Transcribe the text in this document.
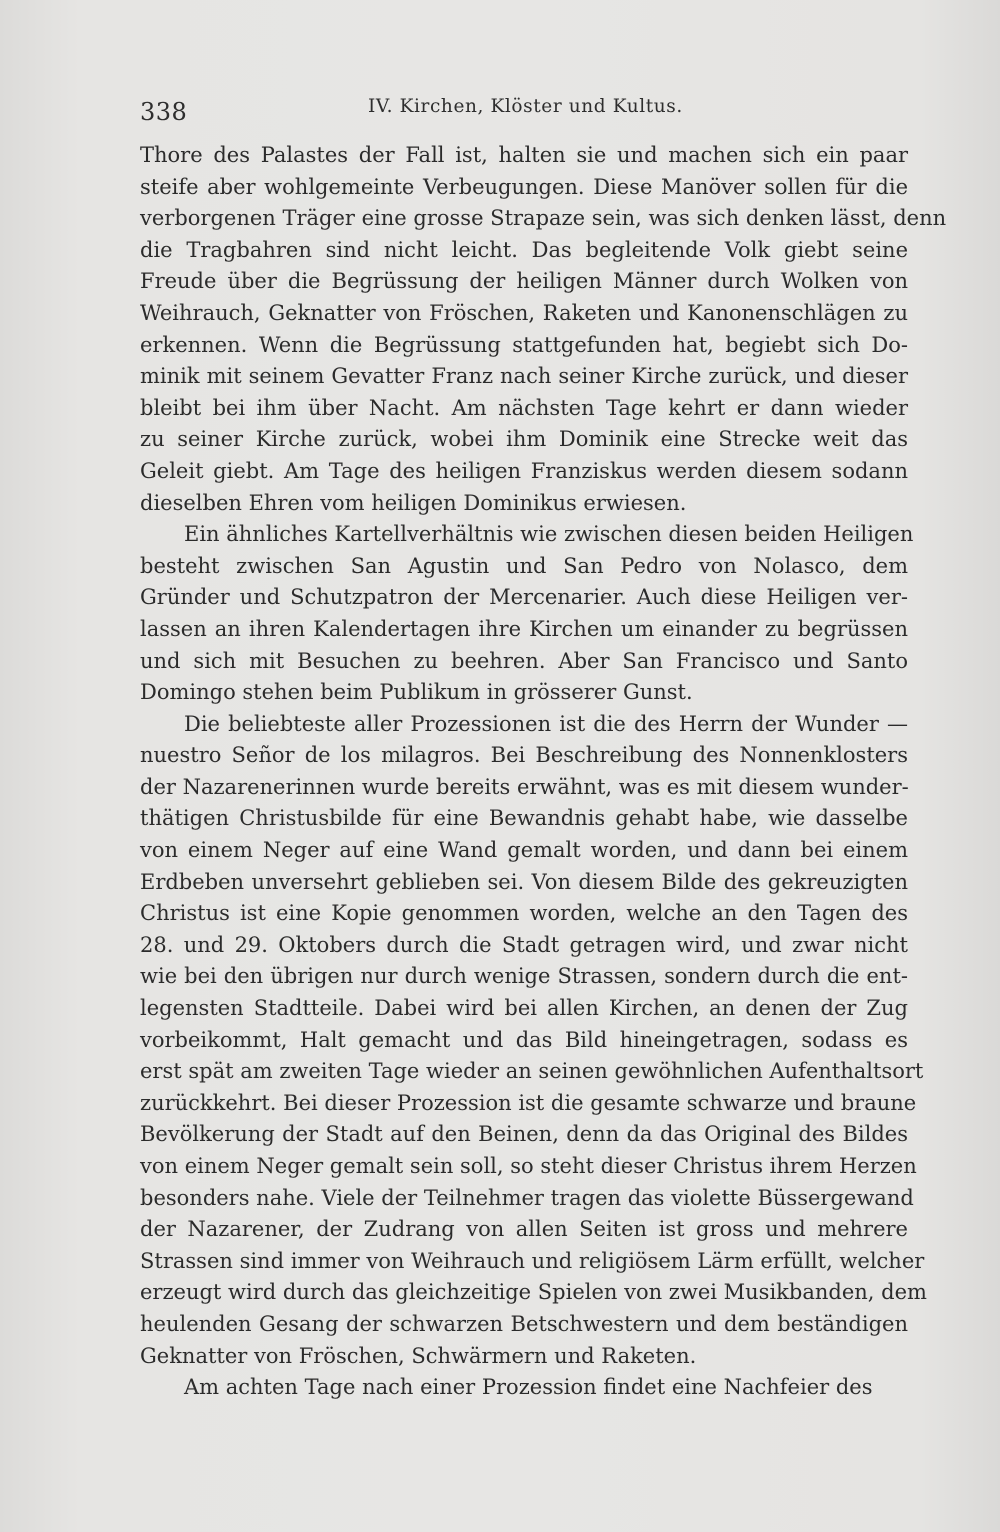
338	IV. Kirchen, Klöster und Kultus.
Thore des Palastes der Fall ist, halten sie und machen sich ein paar
steife aber wohlgemeinte Verbeugungen. Diese Manöver sollen für die
verborgenen Träger eine grosse Strapaze sein, was sich denken lässt, denn
die Tragbahren sind nicht leicht. Das begleitende Volk giebt seine
Freude über die Begrüssung der heiligen Männer durch Wolken von
Weihrauch, Geknatter von Fröschen, Raketen und Kanonenschlägen zu
erkennen. Wenn die Begrüssung stattgefunden hat, begiebt sich Do-
minik mit seinem Gevatter Franz nach seiner Kirche zurück, und dieser
bleibt bei ihm über Nacht. Am nächsten Tage kehrt er dann wieder
zu seiner Kirche zurück, wobei ihm Dominik eine Strecke weit das
Geleit giebt. Am Tage des heiligen Franziskus werden diesem sodann
dieselben Ehren vom heiligen Dominikus erwiesen.
Ein ähnliches Kartellverhältnis wie zwischen diesen beiden Heiligen
besteht zwischen San Agustin und San Pedro von Nolasco, dem
Gründer und Schutzpatron der Mercenarier. Auch diese Heiligen ver-
lassen an ihren Kalendertagen ihre Kirchen um einander zu begrüssen
und sich mit Besuchen zu beehren. Aber San Francisco und Santo
Domingo stehen beim Publikum in grösserer Gunst.
Die beliebteste aller Prozessionen ist die des Herrn der Wunder —
nuestro Señor de los milagros. Bei Beschreibung des Nonnenklosters
der Nazarenerinnen wurde bereits erwähnt, was es mit diesem wunder-
thätigen Christusbilde für eine Bewandnis gehabt habe, wie dasselbe
von einem Neger auf eine Wand gemalt worden, und dann bei einem
Erdbeben unversehrt geblieben sei. Von diesem Bilde des gekreuzigten
Christus ist eine Kopie genommen worden, welche an den Tagen des
28. und 29. Oktobers durch die Stadt getragen wird, und zwar nicht
wie bei den übrigen nur durch wenige Strassen, sondern durch die ent-
legensten Stadtteile. Dabei wird bei allen Kirchen, an denen der Zug
vorbeikommt, Halt gemacht und das Bild hineingetragen, sodass es
erst spät am zweiten Tage wieder an seinen gewöhnlichen Aufenthaltsort
zurückkehrt. Bei dieser Prozession ist die gesamte schwarze und braune
Bevölkerung der Stadt auf den Beinen, denn da das Original des Bildes
von einem Neger gemalt sein soll, so steht dieser Christus ihrem Herzen
besonders nahe. Viele der Teilnehmer tragen das violette Büssergewand
der Nazarener, der Zudrang von allen Seiten ist gross und mehrere
Strassen sind immer von Weihrauch und religiösem Lärm erfüllt, welcher
erzeugt wird durch das gleichzeitige Spielen von zwei Musikbanden, dem
heulenden Gesang der schwarzen Betschwestern und dem beständigen
Geknatter von Fröschen, Schwärmern und Raketen.
Am achten Tage nach einer Prozession findet eine Nachfeier des
